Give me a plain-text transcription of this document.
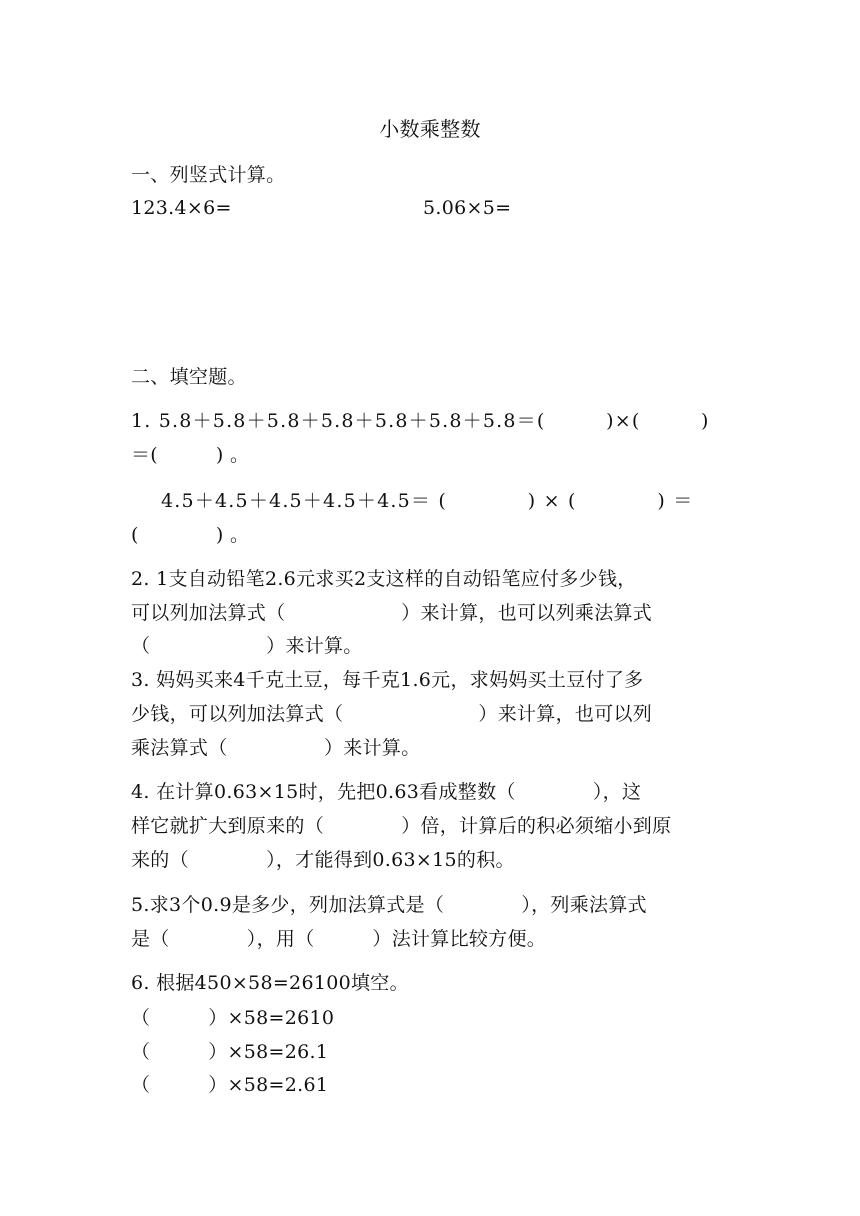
小数乘整数
一、列竖式计算。
123.4×6=	5.06×5=
二、填空题。
1. 5.8＋5.8＋5.8＋5.8＋5.8＋5.8＋5.8＝(　　　)×(　　　)
＝(　　　) 。
4.5＋4.5＋4.5＋4.5＋4.5＝ (　　　　) × (　　　　) ＝
(　　　　) 。
2. 1支自动铅笔2.6元求买2支这样的自动铅笔应付多少钱，
可以列加法算式（　　　　　　）来计算，也可以列乘法算式
（　　　　　　）来计算。
3. 妈妈买来4千克土豆，每千克1.6元，求妈妈买土豆付了多
少钱，可以列加法算式（　　　　　　　）来计算，也可以列
乘法算式（　　　　　）来计算。
4. 在计算0.63×15时，先把0.63看成整数（　　　　），这
样它就扩大到原来的（　　　　）倍，计算后的积必须缩小到原
来的（　　　　），才能得到0.63×15的积。
5.求3个0.9是多少，列加法算式是（　　　　），列乘法算式
是（　　　　），用（　　　）法计算比较方便。
6. 根据450×58=26100填空。
（　　　）×58=2610
（　　　）×58=26.1
（　　　）×58=2.61
